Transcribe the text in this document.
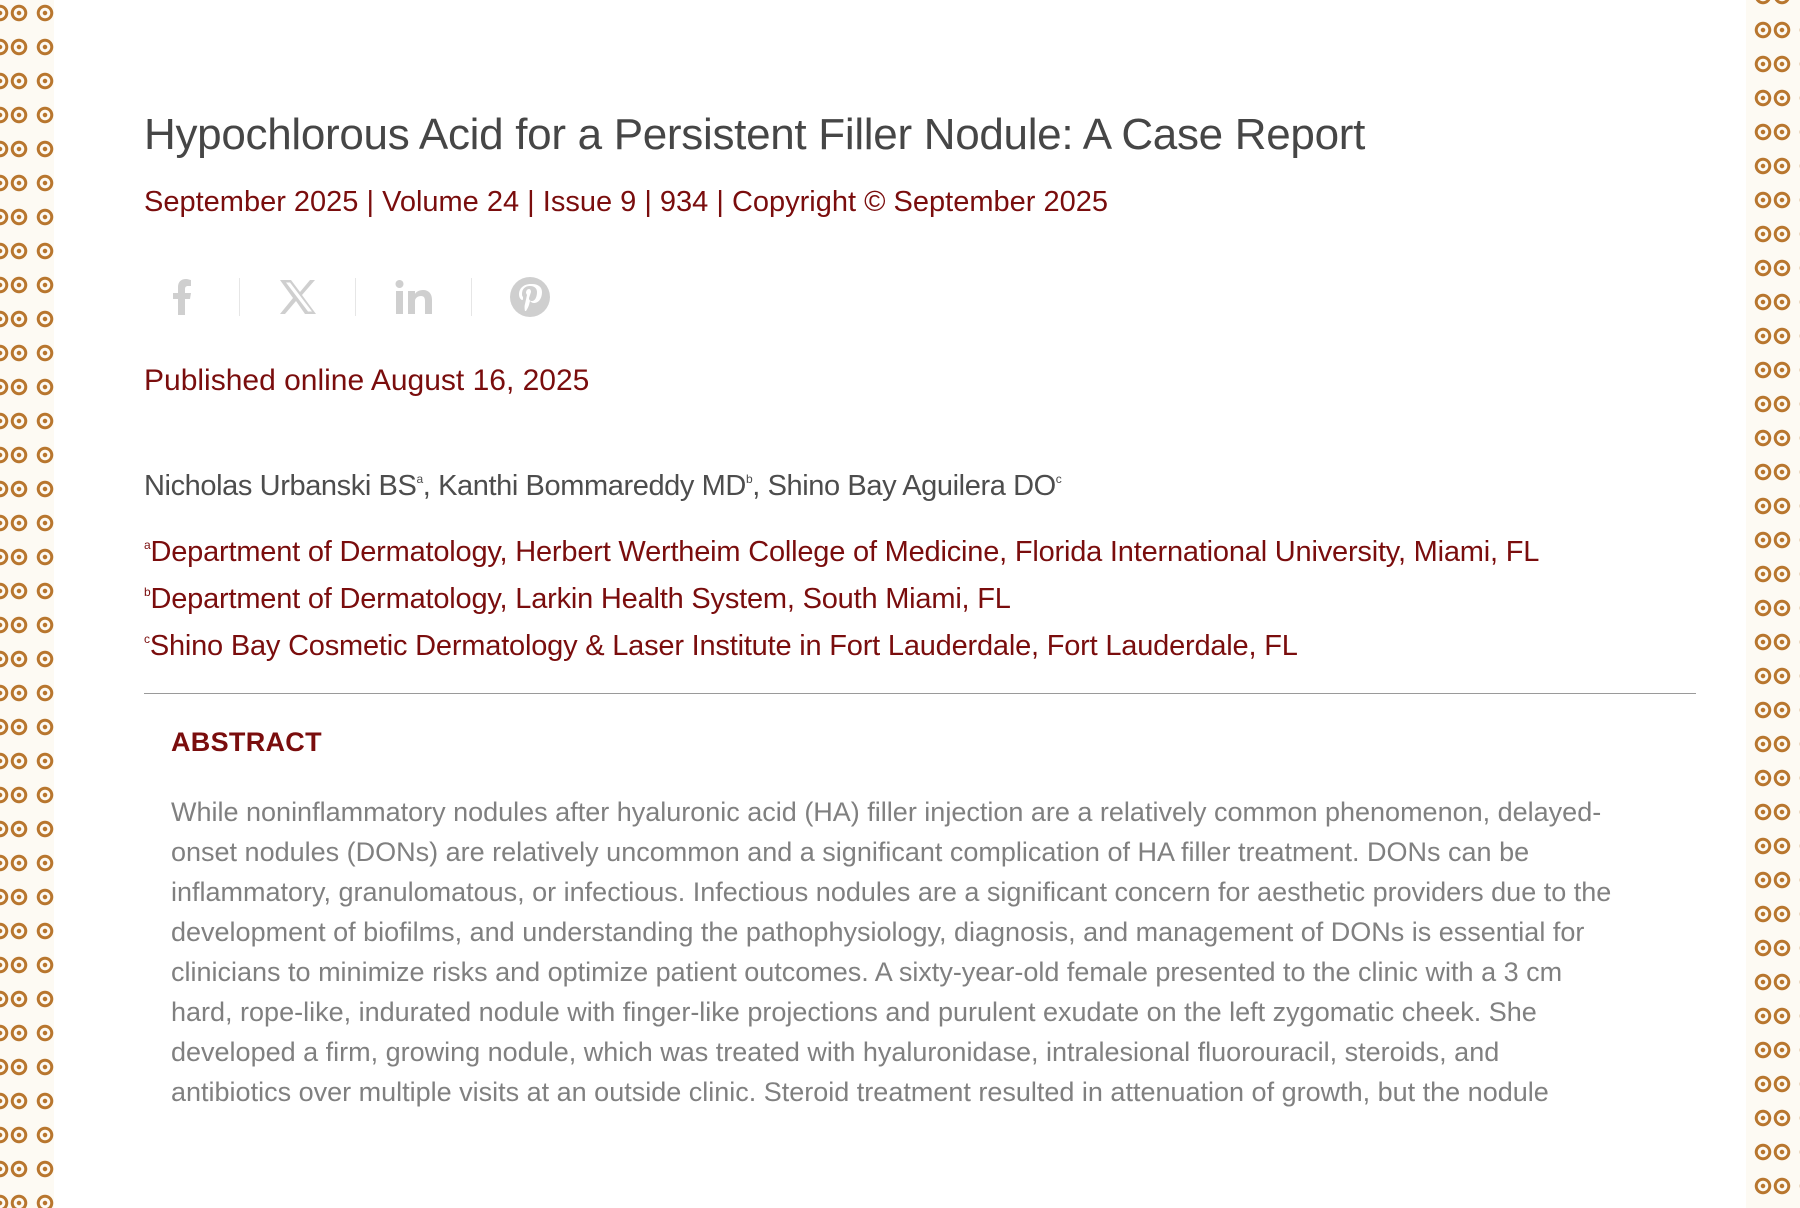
Hypochlorous Acid for a Persistent Filler Nodule: A Case Report
September 2025 | Volume 24 | Issue 9 | 934 | Copyright © September 2025
Published online August 16, 2025
Nicholas Urbanski $BS^a$, Kanthi Bommareddy $MD^b$, Shino Bay Aguilera $DO^c$
$^a$Department of Dermatology, Herbert Wertheim College of Medicine, Florida International University, Miami, FL
$^b$Department of Dermatology, Larkin Health System, South Miami, FL
$^c$Shino Bay Cosmetic Dermatology & Laser Institute in Fort Lauderdale, Fort Lauderdale, FL
ABSTRACT

While noninflammatory nodules after hyaluronic acid (HA) filler injection are a relatively common phenomenon, delayed-
onset nodules (DONs) are relatively uncommon and a significant complication of HA filler treatment. DONs can be
inflammatory, granulomatous, or infectious. Infectious nodules are a significant concern for aesthetic providers due to the
development of biofilms, and understanding the pathophysiology, diagnosis, and management of DONs is essential for
clinicians to minimize risks and optimize patient outcomes. A sixty-year-old female presented to the clinic with a 3 cm
hard, rope-like, indurated nodule with finger-like projections and purulent exudate on the left zygomatic cheek. She
developed a firm, growing nodule, which was treated with hyaluronidase, intralesional fluorouracil, steroids, and
antibiotics over multiple visits at an outside clinic. Steroid treatment resulted in attenuation of growth, but the nodule
